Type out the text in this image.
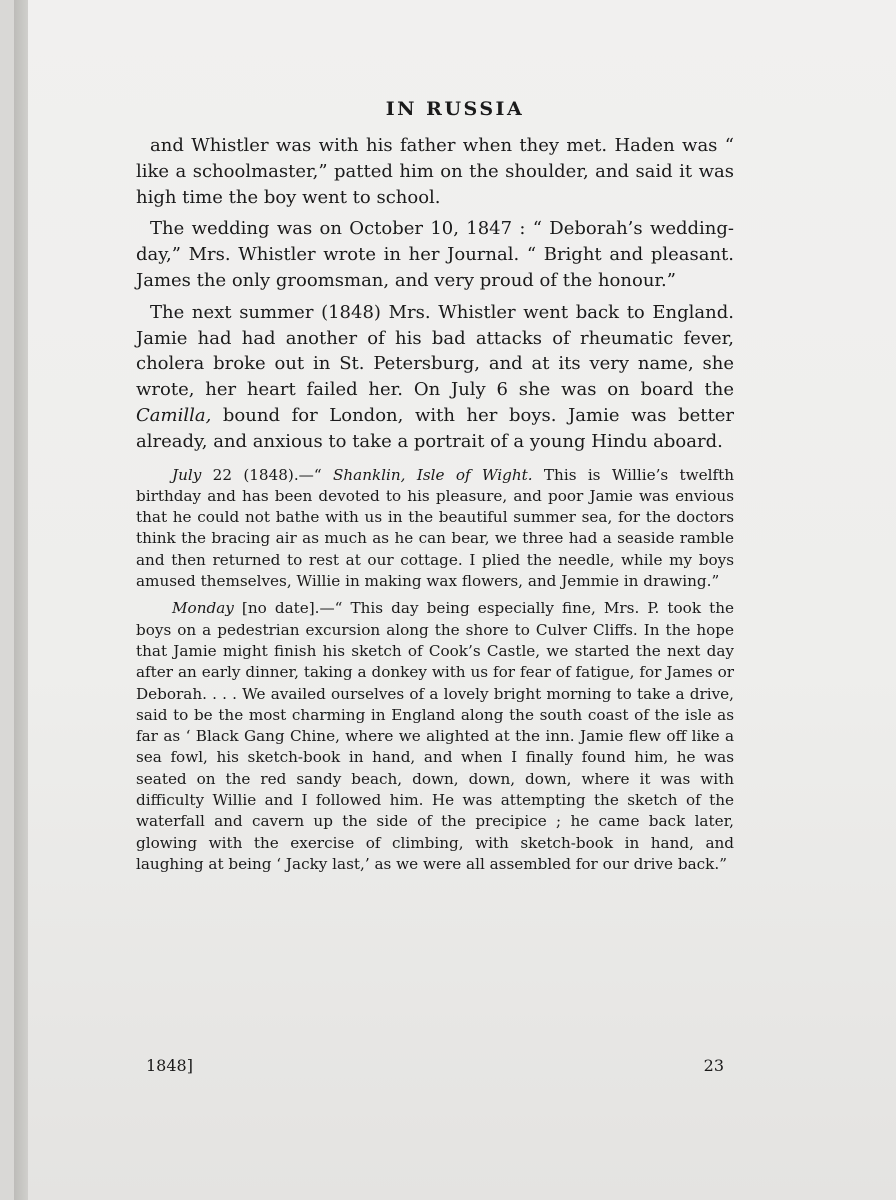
IN RUSSIA

and Whistler was with his father when they met. Haden was “ like a schoolmaster,” patted him on the shoulder, and said it was high time the boy went to school.

The wedding was on October 10, 1847 : “ Deborah’s wedding-day,” Mrs. Whistler wrote in her Journal. “ Bright and pleasant. James the only groomsman, and very proud of the honour.”

The next summer (1848) Mrs. Whistler went back to England. Jamie had had another of his bad attacks of rheumatic fever, cholera broke out in St. Petersburg, and at its very name, she wrote, her heart failed her. On July 6 she was on board the Camilla, bound for London, with her boys. Jamie was better already, and anxious to take a portrait of a young Hindu aboard.

July 22 (1848).—“ Shanklin, Isle of Wight. This is Willie’s twelfth birthday and has been devoted to his pleasure, and poor Jamie was envious that he could not bathe with us in the beautiful summer sea, for the doctors think the bracing air as much as he can bear, we three had a seaside ramble and then returned to rest at our cottage. I plied the needle, while my boys amused themselves, Willie in making wax flowers, and Jemmie in drawing.”

Monday [no date].—“ This day being especially fine, Mrs. P. took the boys on a pedestrian excursion along the shore to Culver Cliffs. In the hope that Jamie might finish his sketch of Cook’s Castle, we started the next day after an early dinner, taking a donkey with us for fear of fatigue, for James or Deborah. . . . We availed ourselves of a lovely bright morning to take a drive, said to be the most charming in England along the south coast of the isle as far as ‘ Black Gang Chine, where we alighted at the inn. Jamie flew off like a sea fowl, his sketch-book in hand, and when I finally found him, he was seated on the red sandy beach, down, down, down, where it was with difficulty Willie and I followed him. He was attempting the sketch of the waterfall and cavern up the side of the precipice ; he came back later, glowing with the exercise of climbing, with sketch-book in hand, and laughing at being ‘ Jacky last,’ as we were all assembled for our drive back.”

1848]	23
